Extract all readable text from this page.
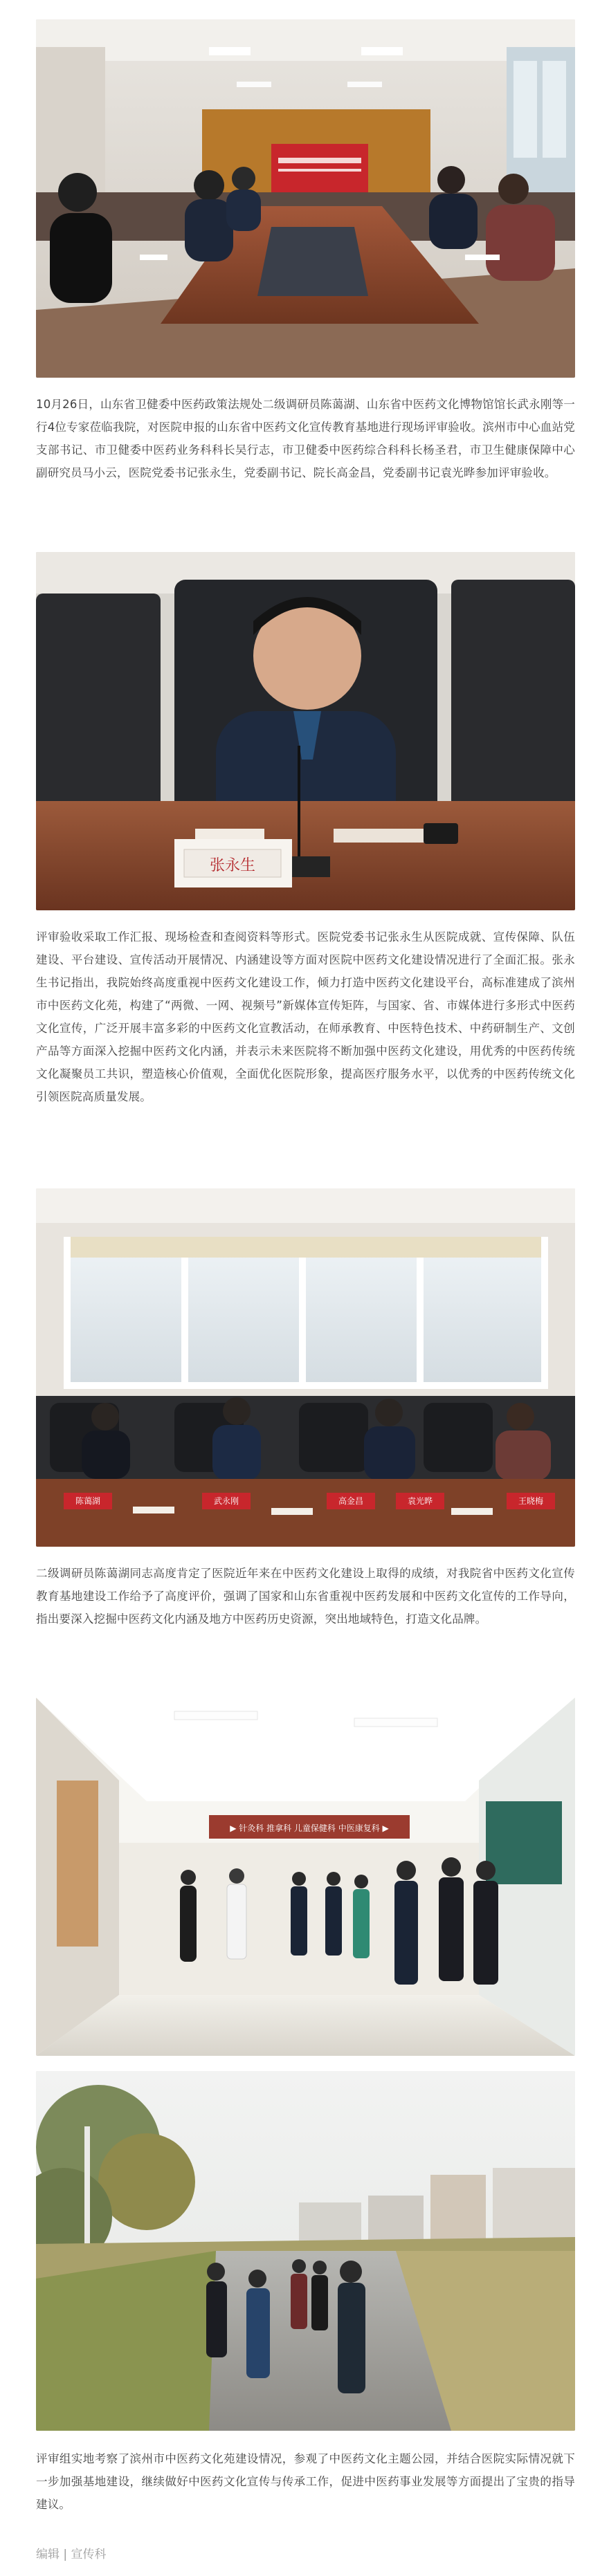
10月26日，山东省卫健委中医药政策法规处二级调研员陈蔼湖、山东省中医药文化博物馆馆长武永刚等一行4位专家莅临我院，对医院申报的山东省中医药文化宣传教育基地进行现场评审验收。滨州市中心血站党支部书记、市卫健委中医药业务科科长吴行志，市卫健委中医药综合科科长杨圣君，市卫生健康保障中心副研究员马小云，医院党委书记张永生，党委副书记、院长高金昌，党委副书记袁光晔参加评审验收。

张永生

评审验收采取工作汇报、现场检查和查阅资料等形式。医院党委书记张永生从医院成就、宣传保障、队伍建设、平台建设、宣传活动开展情况、内涵建设等方面对医院中医药文化建设情况进行了全面汇报。张永生书记指出，我院始终高度重视中医药文化建设工作，倾力打造中医药文化建设平台，高标准建成了滨州市中医药文化苑，构建了“两微、一网、视频号”新媒体宣传矩阵，与国家、省、市媒体进行多形式中医药文化宣传，广泛开展丰富多彩的中医药文化宣教活动，在师承教育、中医特色技术、中药研制生产、文创产品等方面深入挖掘中医药文化内涵，并表示未来医院将不断加强中医药文化建设，用优秀的中医药传统文化凝聚员工共识，塑造核心价值观，全面优化医院形象，提高医疗服务水平，以优秀的中医药传统文化引领医院高质量发展。

陈蔼湖	武永刚	高金昌	袁光晔	王晓梅

二级调研员陈蔼湖同志高度肯定了医院近年来在中医药文化建设上取得的成绩，对我院省中医药文化宣传教育基地建设工作给予了高度评价，强调了国家和山东省重视中医药发展和中医药文化宣传的工作导向，指出要深入挖掘中医药文化内涵及地方中医药历史资源，突出地域特色，打造文化品牌。

▶ 针灸科 推拿科 儿童保健科 中医康复科 ▶

评审组实地考察了滨州市中医药文化苑建设情况，参观了中医药文化主题公园，并结合医院实际情况就下一步加强基地建设，继续做好中医药文化宣传与传承工作，促进中医药事业发展等方面提出了宝贵的指导建议。

编辑 | 宣传科
